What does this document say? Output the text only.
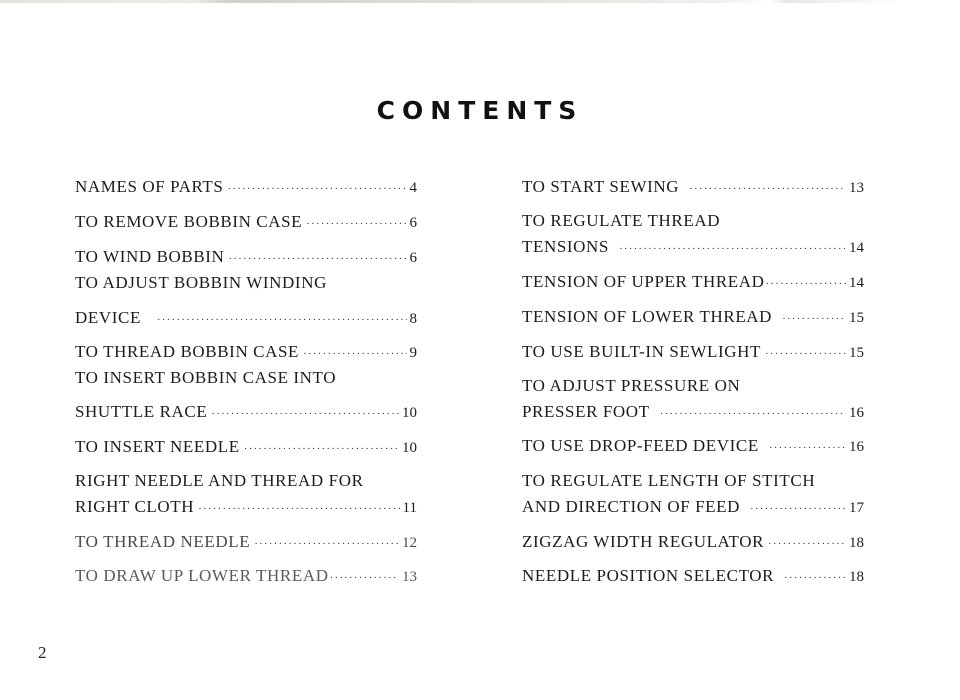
CONTENTS
NAMES OF PARTS ·····	4
TO REMOVE BOBBIN CASE ·····	6
TO WIND BOBBIN ·····	6
TO ADJUST BOBBIN WINDING
DEVICE ·····	8
TO THREAD BOBBIN CASE ·····	9
TO INSERT BOBBIN CASE INTO
SHUTTLE RACE ·····	10
TO INSERT NEEDLE ·····	10
RIGHT NEEDLE AND THREAD FOR
RIGHT CLOTH ·····	11
TO THREAD NEEDLE ·····	12
TO DRAW UP LOWER THREAD ·····	13
TO START SEWING ·····	13
TO REGULATE THREAD
TENSIONS ·····	14
TENSION OF UPPER THREAD ·····	14
TENSION OF LOWER THREAD ·····	15
TO USE BUILT-IN SEWLIGHT ·····	15
TO ADJUST PRESSURE ON
PRESSER FOOT ·····	16
TO USE DROP-FEED DEVICE ·····	16
TO REGULATE LENGTH OF STITCH
AND DIRECTION OF FEED ·····	17
ZIGZAG WIDTH REGULATOR ·····	18
NEEDLE POSITION SELECTOR ·····	18
2
